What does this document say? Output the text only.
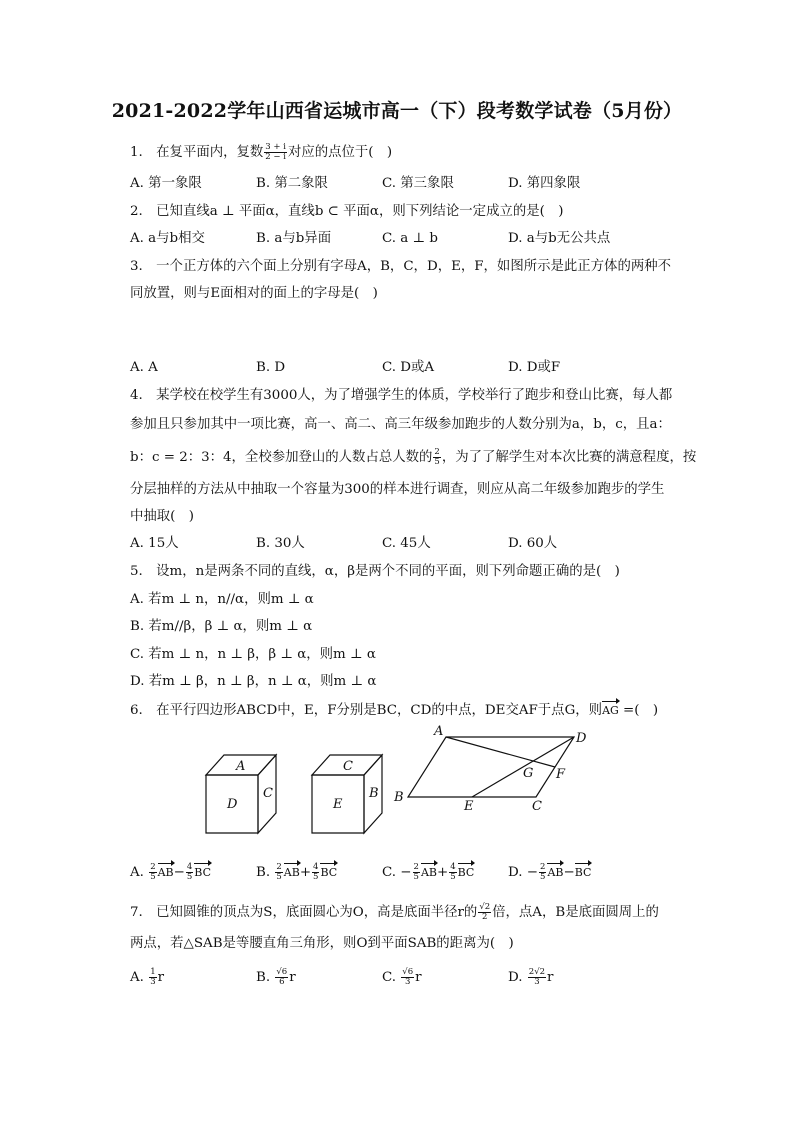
2021-2022学年山西省运城市高一（下）段考数学试卷（5月份）
1.　在复平面内，复数 $\frac{3 + i}{2 - i}$ 对应的点位于(　)
A. 第一象限	B. 第二象限	C. 第三象限	D. 第四象限
2.　已知直线a ⊥ 平面α，直线b ⊂ 平面α，则下列结论一定成立的是(　)
A. a与b相交	B. a与b异面	C. a ⊥ b	D. a与b无公共点
3.　一个正方体的六个面上分别有字母A，B，C，D，E，F，如图所示是此正方体的两种不
同放置，则与E面相对的面上的字母是(　)
A. A	B. D	C. D或A	D. D或F
4.　某学校在校学生有3000人，为了增强学生的体质，学校举行了跑步和登山比赛，每人都
参加且只参加其中一项比赛，高一、高二、高三年级参加跑步的人数分别为a，b，c，且a：
b：c = 2：3：4，全校参加登山的人数占总人数的 $\frac{2}{5}$ ，为了了解学生对本次比赛的满意程度，按
分层抽样的方法从中抽取一个容量为300的样本进行调查，则应从高二年级参加跑步的学生
中抽取(　)
A. 15人	B. 30人	C. 45人	D. 60人
5.　设m，n是两条不同的直线，α，β是两个不同的平面，则下列命题正确的是(　)
A. 若m ⊥ n，n//α，则m ⊥ α
B. 若m//β，β ⊥ α，则m ⊥ α
C. 若m ⊥ n，n ⊥ β，β ⊥ α，则m ⊥ α
D. 若m ⊥ β，n ⊥ β，n ⊥ α，则m ⊥ α
6.　在平行四边形ABCD中，E，F分别是BC，CD的中点，DE交AF于点G，则AG =(　)
A
D
C
C
E
B
A	D
B
C
E
F
G
A. $\frac{2}{5} AB- \frac{4}{5}$ BC	B. $\frac{2}{5} AB+ \frac{4}{5}$ BC	C. − $\frac{2}{5} AB+ \frac{4}{5}$ BC	D. − $\frac{2}{5} AB-BC$
7.　已知圆锥的顶点为S，底面圆心为O，高是底面半径r的 $\frac{√2}{2}$ 倍，点A，B是底面圆周上的
两点，若△SAB是等腰直角三角形，则O到平面SAB的距离为(　)
A. $\frac{1}{3}$ r	B. $\frac{√6}{6}$ r	C. $\frac{√6}{3}$ r	D. $\frac{2√2}{3}$ r
